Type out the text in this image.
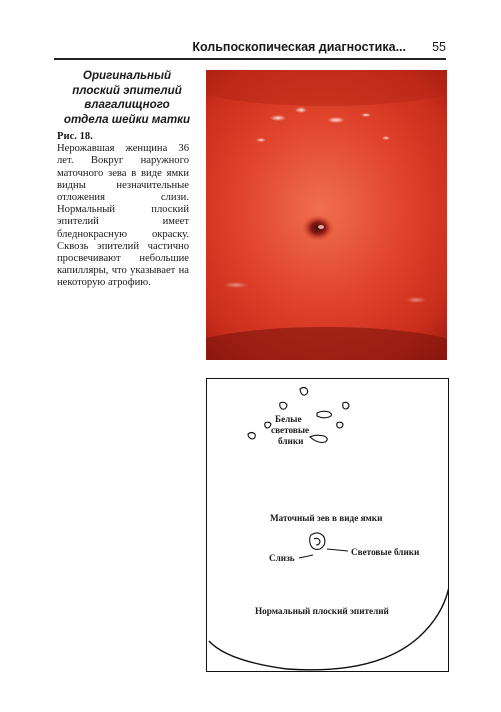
Кольпоскопическая диагностика... 55
Оригинальный
плоский эпителий
влагалищного
отдела шейки матки
Рис. 18.
Нерожавшая женщина 36 лет. Вокруг наружного маточного зева в виде ямки видны незначительные отложения слизи. Нормальный плоский эпителий имеет бледнокрасную окраску. Сквозь эпителий частично просвечивают небольшие капилляры, что указывает на некоторую атрофию.
Белые
световые
блики
Маточный зев в виде ямки
Слизь
Световые блики
Нормальный плоский эпителий
